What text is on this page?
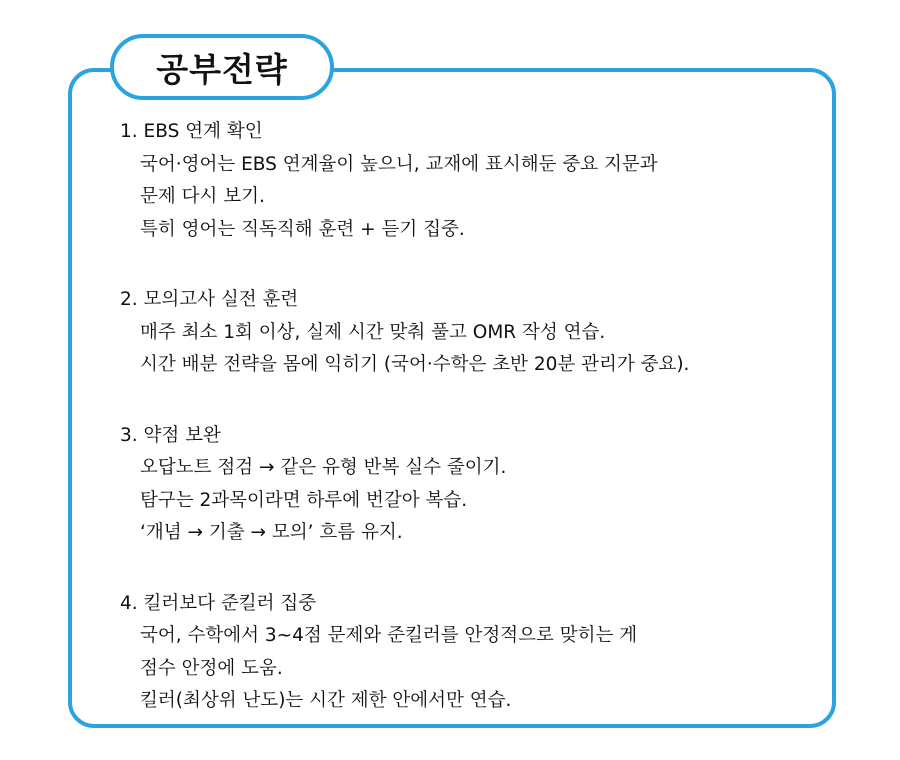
공부전략
1. EBS 연계 확인
국어·영어는 EBS 연계율이 높으니, 교재에 표시해둔 중요 지문과
문제 다시 보기.
특히 영어는 직독직해 훈련 + 듣기 집중.
2. 모의고사 실전 훈련
매주 최소 1회 이상, 실제 시간 맞춰 풀고 OMR 작성 연습.
시간 배분 전략을 몸에 익히기 (국어·수학은 초반 20분 관리가 중요).
3. 약점 보완
오답노트 점검 → 같은 유형 반복 실수 줄이기.
탐구는 2과목이라면 하루에 번갈아 복습.
‘개념 → 기출 → 모의’ 흐름 유지.
4. 킬러보다 준킬러 집중
국어, 수학에서 3~4점 문제와 준킬러를 안정적으로 맞히는 게
점수 안정에 도움.
킬러(최상위 난도)는 시간 제한 안에서만 연습.
